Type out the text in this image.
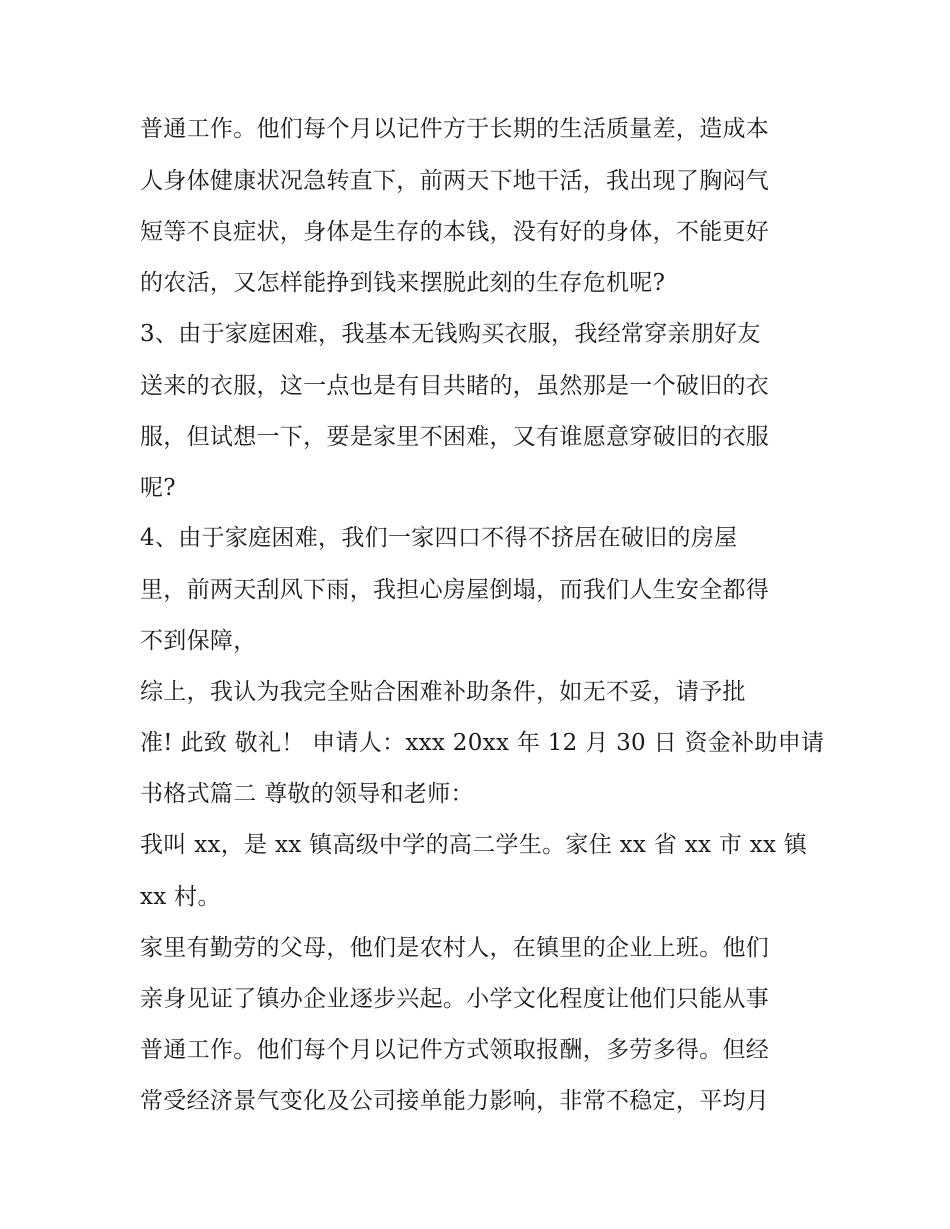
普通工作。他们每个月以记件方于长期的生活质量差，造成本
人身体健康状况急转直下，前两天下地干活，我出现了胸闷气
短等不良症状，身体是生存的本钱，没有好的身体，不能更好
的农活，又怎样能挣到钱来摆脱此刻的生存危机呢?
3、由于家庭困难，我基本无钱购买衣服，我经常穿亲朋好友
送来的衣服，这一点也是有目共睹的，虽然那是一个破旧的衣
服，但试想一下，要是家里不困难，又有谁愿意穿破旧的衣服
呢?
4、由于家庭困难，我们一家四口不得不挤居在破旧的房屋
里，前两天刮风下雨，我担心房屋倒塌，而我们人生安全都得
不到保障，
综上，我认为我完全贴合困难补助条件，如无不妥，请予批
准! 此致 敬礼！ 申请人：xxx 20xx 年 12 月 30 日 资金补助申请
书格式篇二 尊敬的领导和老师：
我叫 xx，是 xx 镇高级中学的高二学生。家住 xx 省 xx 市 xx 镇
xx 村。
家里有勤劳的父母，他们是农村人，在镇里的企业上班。他们
亲身见证了镇办企业逐步兴起。小学文化程度让他们只能从事
普通工作。他们每个月以记件方式领取报酬，多劳多得。但经
常受经济景气变化及公司接单能力影响，非常不稳定，平均月
